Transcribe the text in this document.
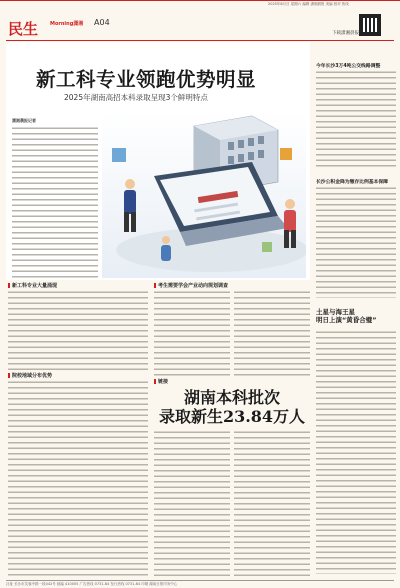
2025年8月日 星期六 编辑 潇湘晨报 美编 校对 热线
民生 Morning潇湘 A04
下载潇湘晨报
新工科专业领跑优势明显
2025年湖南高招本科录取呈现3个鲜明特点
潇湘晨报记者
新工科专业大量涌现	考生需要学会产业动向规划调查
链接
湖南本科批次
录取新生23.84万人
院校地域分布优势
今年长沙3万4吨公交线路调整
长沙公积金降为缴存比例基本保障
土星与海王星
明日上演“黄昏合璧”
社址 长沙市芙蓉中路一段442号 邮编 410005 广告热线 0731-84 发行热线 0731-84 印刷 湖南日报印务中心
